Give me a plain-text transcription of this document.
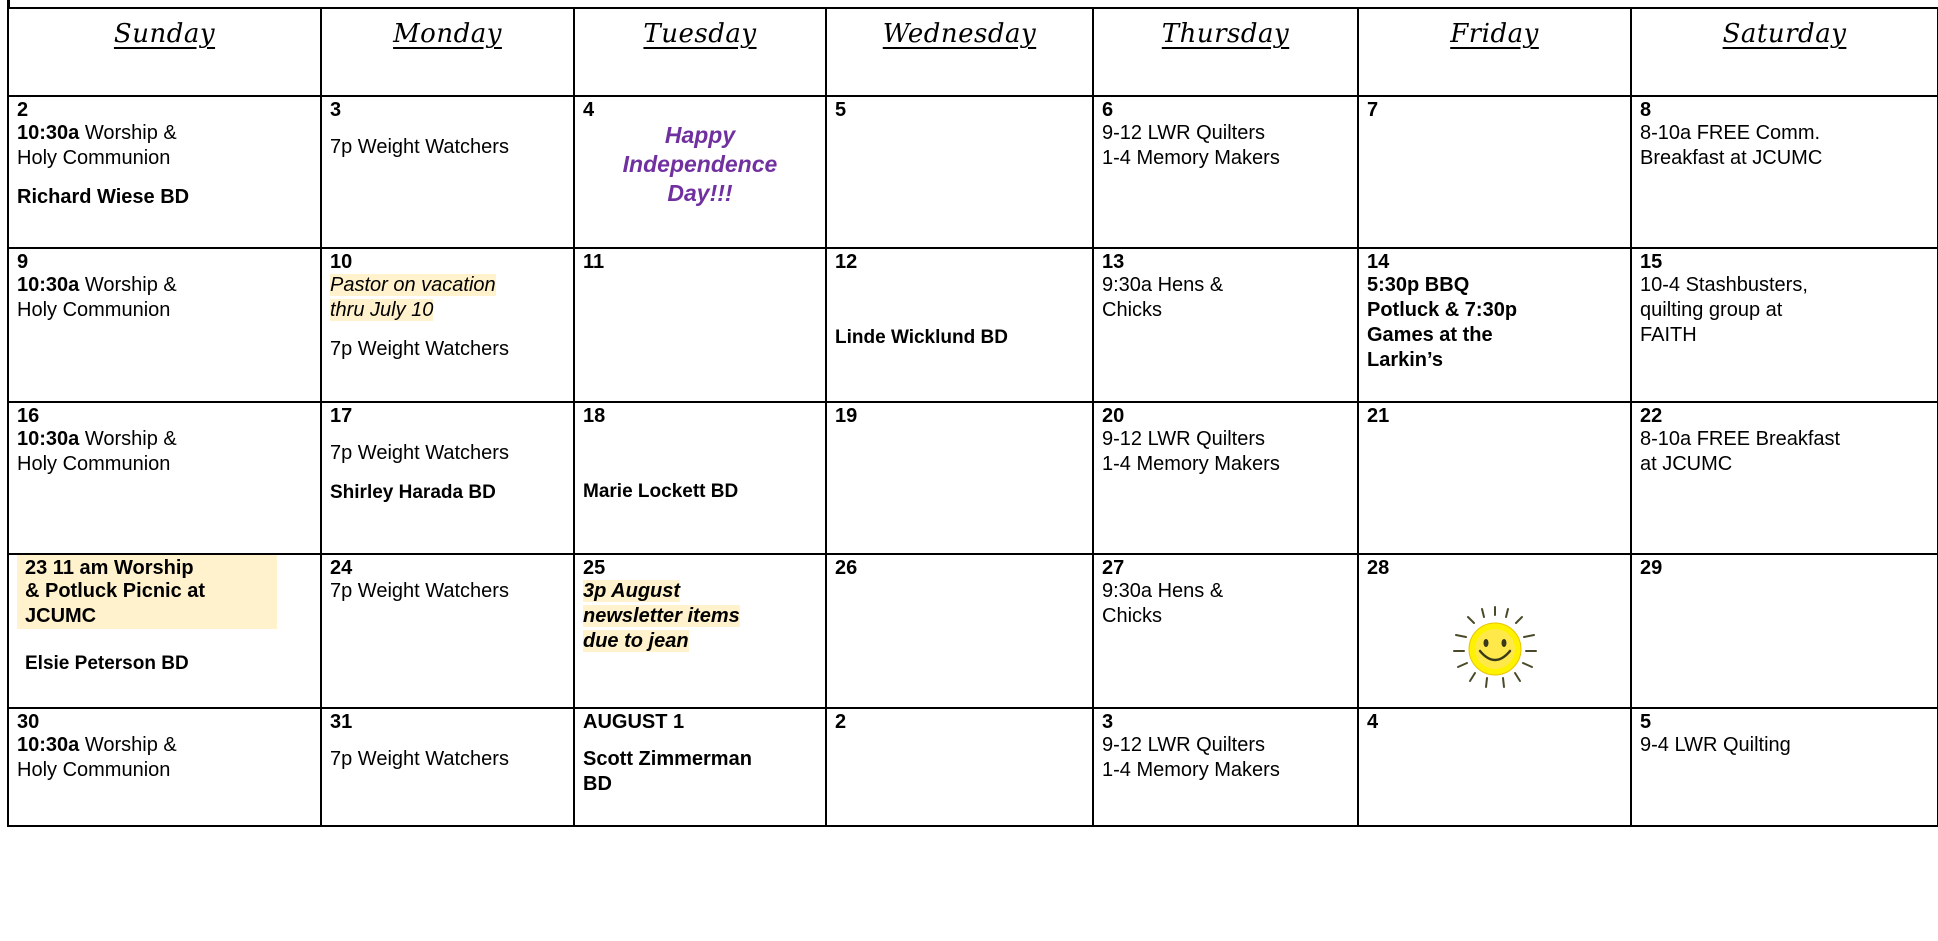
Sunday	Monday	Tuesday	Wednesday	Thursday	Friday	Saturday

2
10:30a Worship &
Holy Communion
Richard Wiese BD	3
7p Weight Watchers	4
Happy
Independence
Day!!!	5	6
9-12 LWR Quilters
1-4 Memory Makers	7	8
8-10a FREE Comm.
Breakfast at JCUMC

9
10:30a Worship &
Holy Communion	10
Pastor on vacation
thru July 10
7p Weight Watchers	11	12
Linde Wicklund BD	13
9:30a Hens &
Chicks	14
5:30p BBQ
Potluck & 7:30p
Games at the
Larkin’s	15
10-4 Stashbusters,
quilting group at
FAITH

16
10:30a Worship &
Holy Communion	17
7p Weight Watchers
Shirley Harada BD	18
Marie Lockett BD	19	20
9-12 LWR Quilters
1-4 Memory Makers	21	22
8-10a FREE Breakfast
at JCUMC

23 11 am Worship
& Potluck Picnic at
JCUMC
Elsie Peterson BD	24
7p Weight Watchers	25
3p August
newsletter items
due to jean	26	27
9:30a Hens &
Chicks	28	29

30
10:30a Worship &
Holy Communion	31
7p Weight Watchers	AUGUST 1
Scott Zimmerman
BD	2	3
9-12 LWR Quilters
1-4 Memory Makers	4	5
9-4 LWR Quilting
